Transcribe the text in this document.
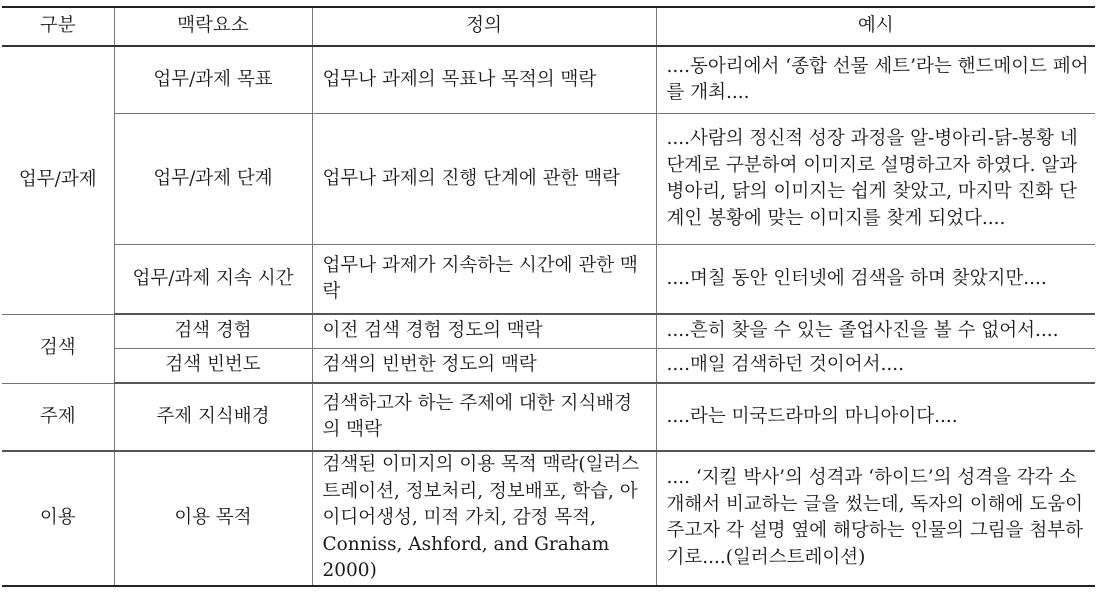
구분	맥락요소	정의	예시
업무/과제	업무/과제 목표	업무나 과제의 목표나 목적의 맥락	....동아리에서 ‘종합 선물 세트’라는 핸드메이드 페어를 개최....
	업무/과제 단계	업무나 과제의 진행 단계에 관한 맥락	....사람의 정신적 성장 과정을 알-병아리-닭-봉황 네 단계로 구분하여 이미지로 설명하고자 하였다. 알과 병아리, 닭의 이미지는 쉽게 찾았고, 마지막 진화 단계인 봉황에 맞는 이미지를 찾게 되었다....
	업무/과제 지속 시간	업무나 과제가 지속하는 시간에 관한 맥락	....며칠 동안 인터넷에 검색을 하며 찾았지만....
검색	검색 경험	이전 검색 경험 정도의 맥락	....흔히 찾을 수 있는 졸업사진을 볼 수 없어서....
	검색 빈번도	검색의 빈번한 정도의 맥락	....매일 검색하던 것이어서....
주제	주제 지식배경	검색하고자 하는 주제에 대한 지식배경의 맥락	....라는 미국드라마의 마니아이다....
이용	이용 목적	검색된 이미지의 이용 목적 맥락(일러스트레이션, 정보처리, 정보배포, 학습, 아이디어생성, 미적 가치, 감정 목적, Conniss, Ashford, and Graham 2000)	.... ‘지킬 박사’의 성격과 ‘하이드’의 성격을 각각 소개해서 비교하는 글을 썼는데, 독자의 이해에 도움이 주고자 각 설명 옆에 해당하는 인물의 그림을 첨부하기로....(일러스트레이션)
